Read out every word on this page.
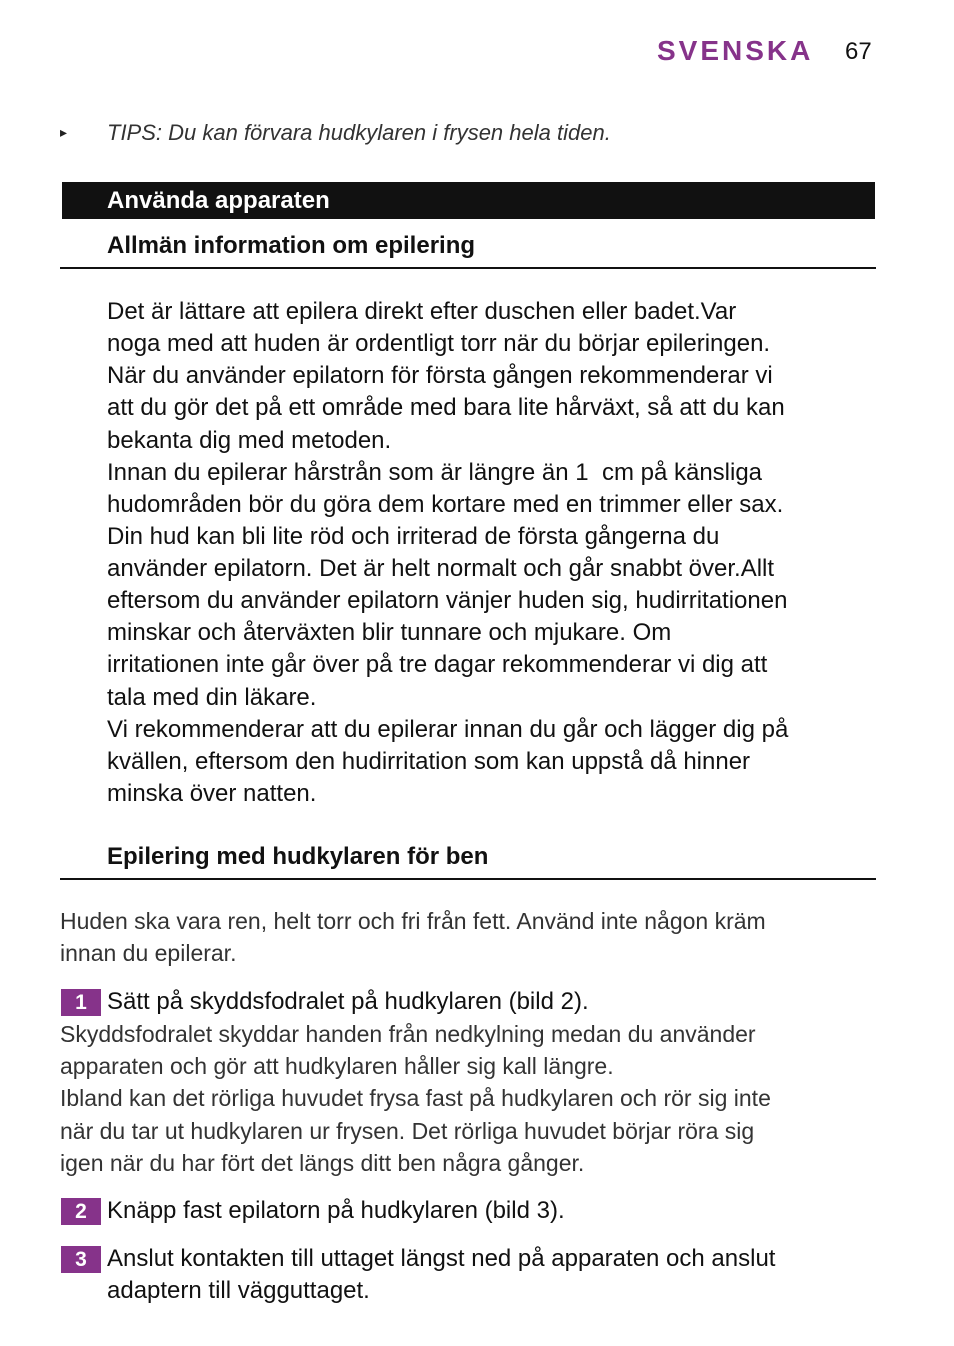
SVENSKA 67
▸ TIPS: Du kan förvara hudkylaren i frysen hela tiden.
Använda apparaten
Allmän information om epilering
Det är lättare att epilera direkt efter duschen eller badet.Var
noga med att huden är ordentligt torr när du börjar epileringen.
När du använder epilatorn för första gången rekommenderar vi
att du gör det på ett område med bara lite hårväxt, så att du kan
bekanta dig med metoden.
Innan du epilerar hårstrån som är längre än 1  cm på känsliga
hudområden bör du göra dem kortare med en trimmer eller sax.
Din hud kan bli lite röd och irriterad de första gångerna du
använder epilatorn. Det är helt normalt och går snabbt över.Allt
eftersom du använder epilatorn vänjer huden sig, hudirritationen
minskar och återväxten blir tunnare och mjukare. Om
irritationen inte går över på tre dagar rekommenderar vi dig att
tala med din läkare.
Vi rekommenderar att du epilerar innan du går och lägger dig på
kvällen, eftersom den hudirritation som kan uppstå då hinner
minska över natten.
Epilering med hudkylaren för ben
Huden ska vara ren, helt torr och fri från fett. Använd inte någon kräm
innan du epilerar.
1 Sätt på skyddsfodralet på hudkylaren (bild 2).
Skyddsfodralet skyddar handen från nedkylning medan du använder
apparaten och gör att hudkylaren håller sig kall längre.
Ibland kan det rörliga huvudet frysa fast på hudkylaren och rör sig inte
när du tar ut hudkylaren ur frysen. Det rörliga huvudet börjar röra sig
igen när du har fört det längs ditt ben några gånger.
2 Knäpp fast epilatorn på hudkylaren (bild 3).
3 Anslut kontakten till uttaget längst ned på apparaten och anslut
adaptern till vägguttaget.
